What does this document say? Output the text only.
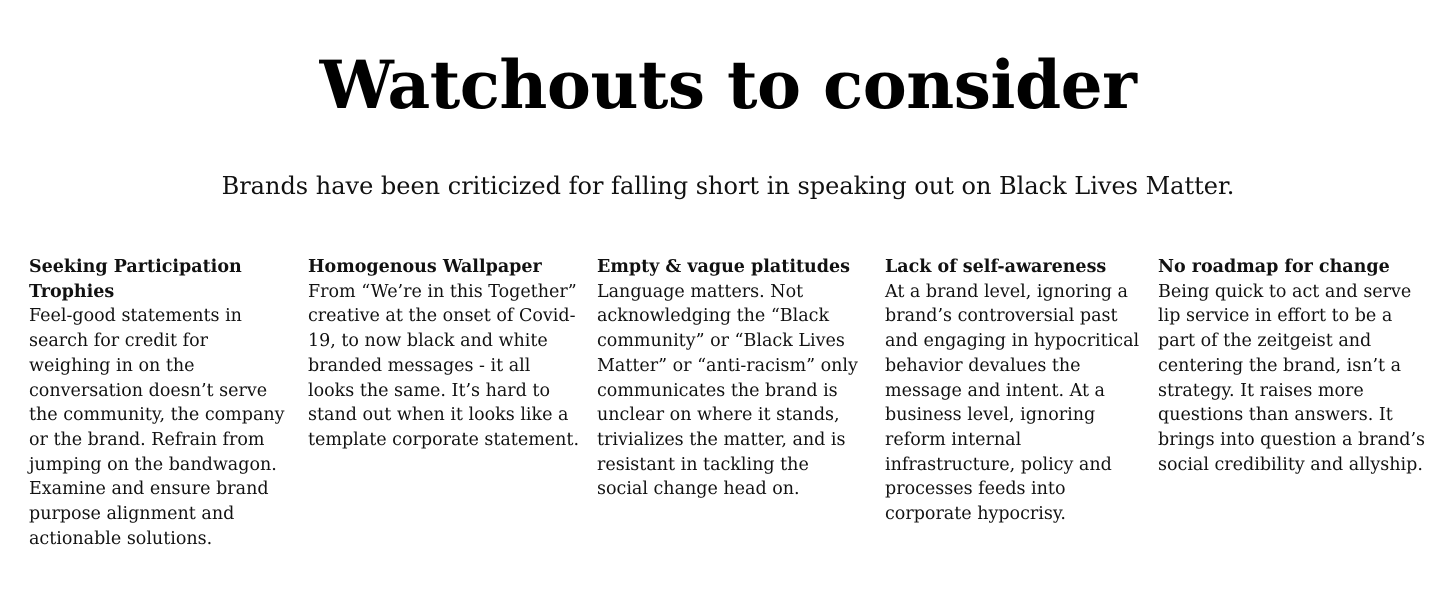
Watchouts to consider

Brands have been criticized for falling short in speaking out on Black Lives Matter.

Seeking Participation Trophies
Feel-good statements in search for credit for weighing in on the conversation doesn’t serve the community, the company or the brand. Refrain from jumping on the bandwagon. Examine and ensure brand purpose alignment and actionable solutions.
Homogenous Wallpaper
From “We’re in this Together” creative at the onset of Covid-19, to now black and white branded messages - it all looks the same. It’s hard to stand out when it looks like a template corporate statement.
Empty & vague platitudes
Language matters. Not acknowledging the “Black community” or “Black Lives Matter” or “anti-racism” only communicates the brand is unclear on where it stands, trivializes the matter, and is resistant in tackling the social change head on.
Lack of self-awareness
At a brand level, ignoring a brand’s controversial past and engaging in hypocritical behavior devalues the message and intent. At a business level, ignoring reform internal infrastructure, policy and processes feeds into corporate hypocrisy.
No roadmap for change
Being quick to act and serve lip service in effort to be a part of the zeitgeist and centering the brand, isn’t a strategy. It raises more questions than answers. It brings into question a brand’s social credibility and allyship.
